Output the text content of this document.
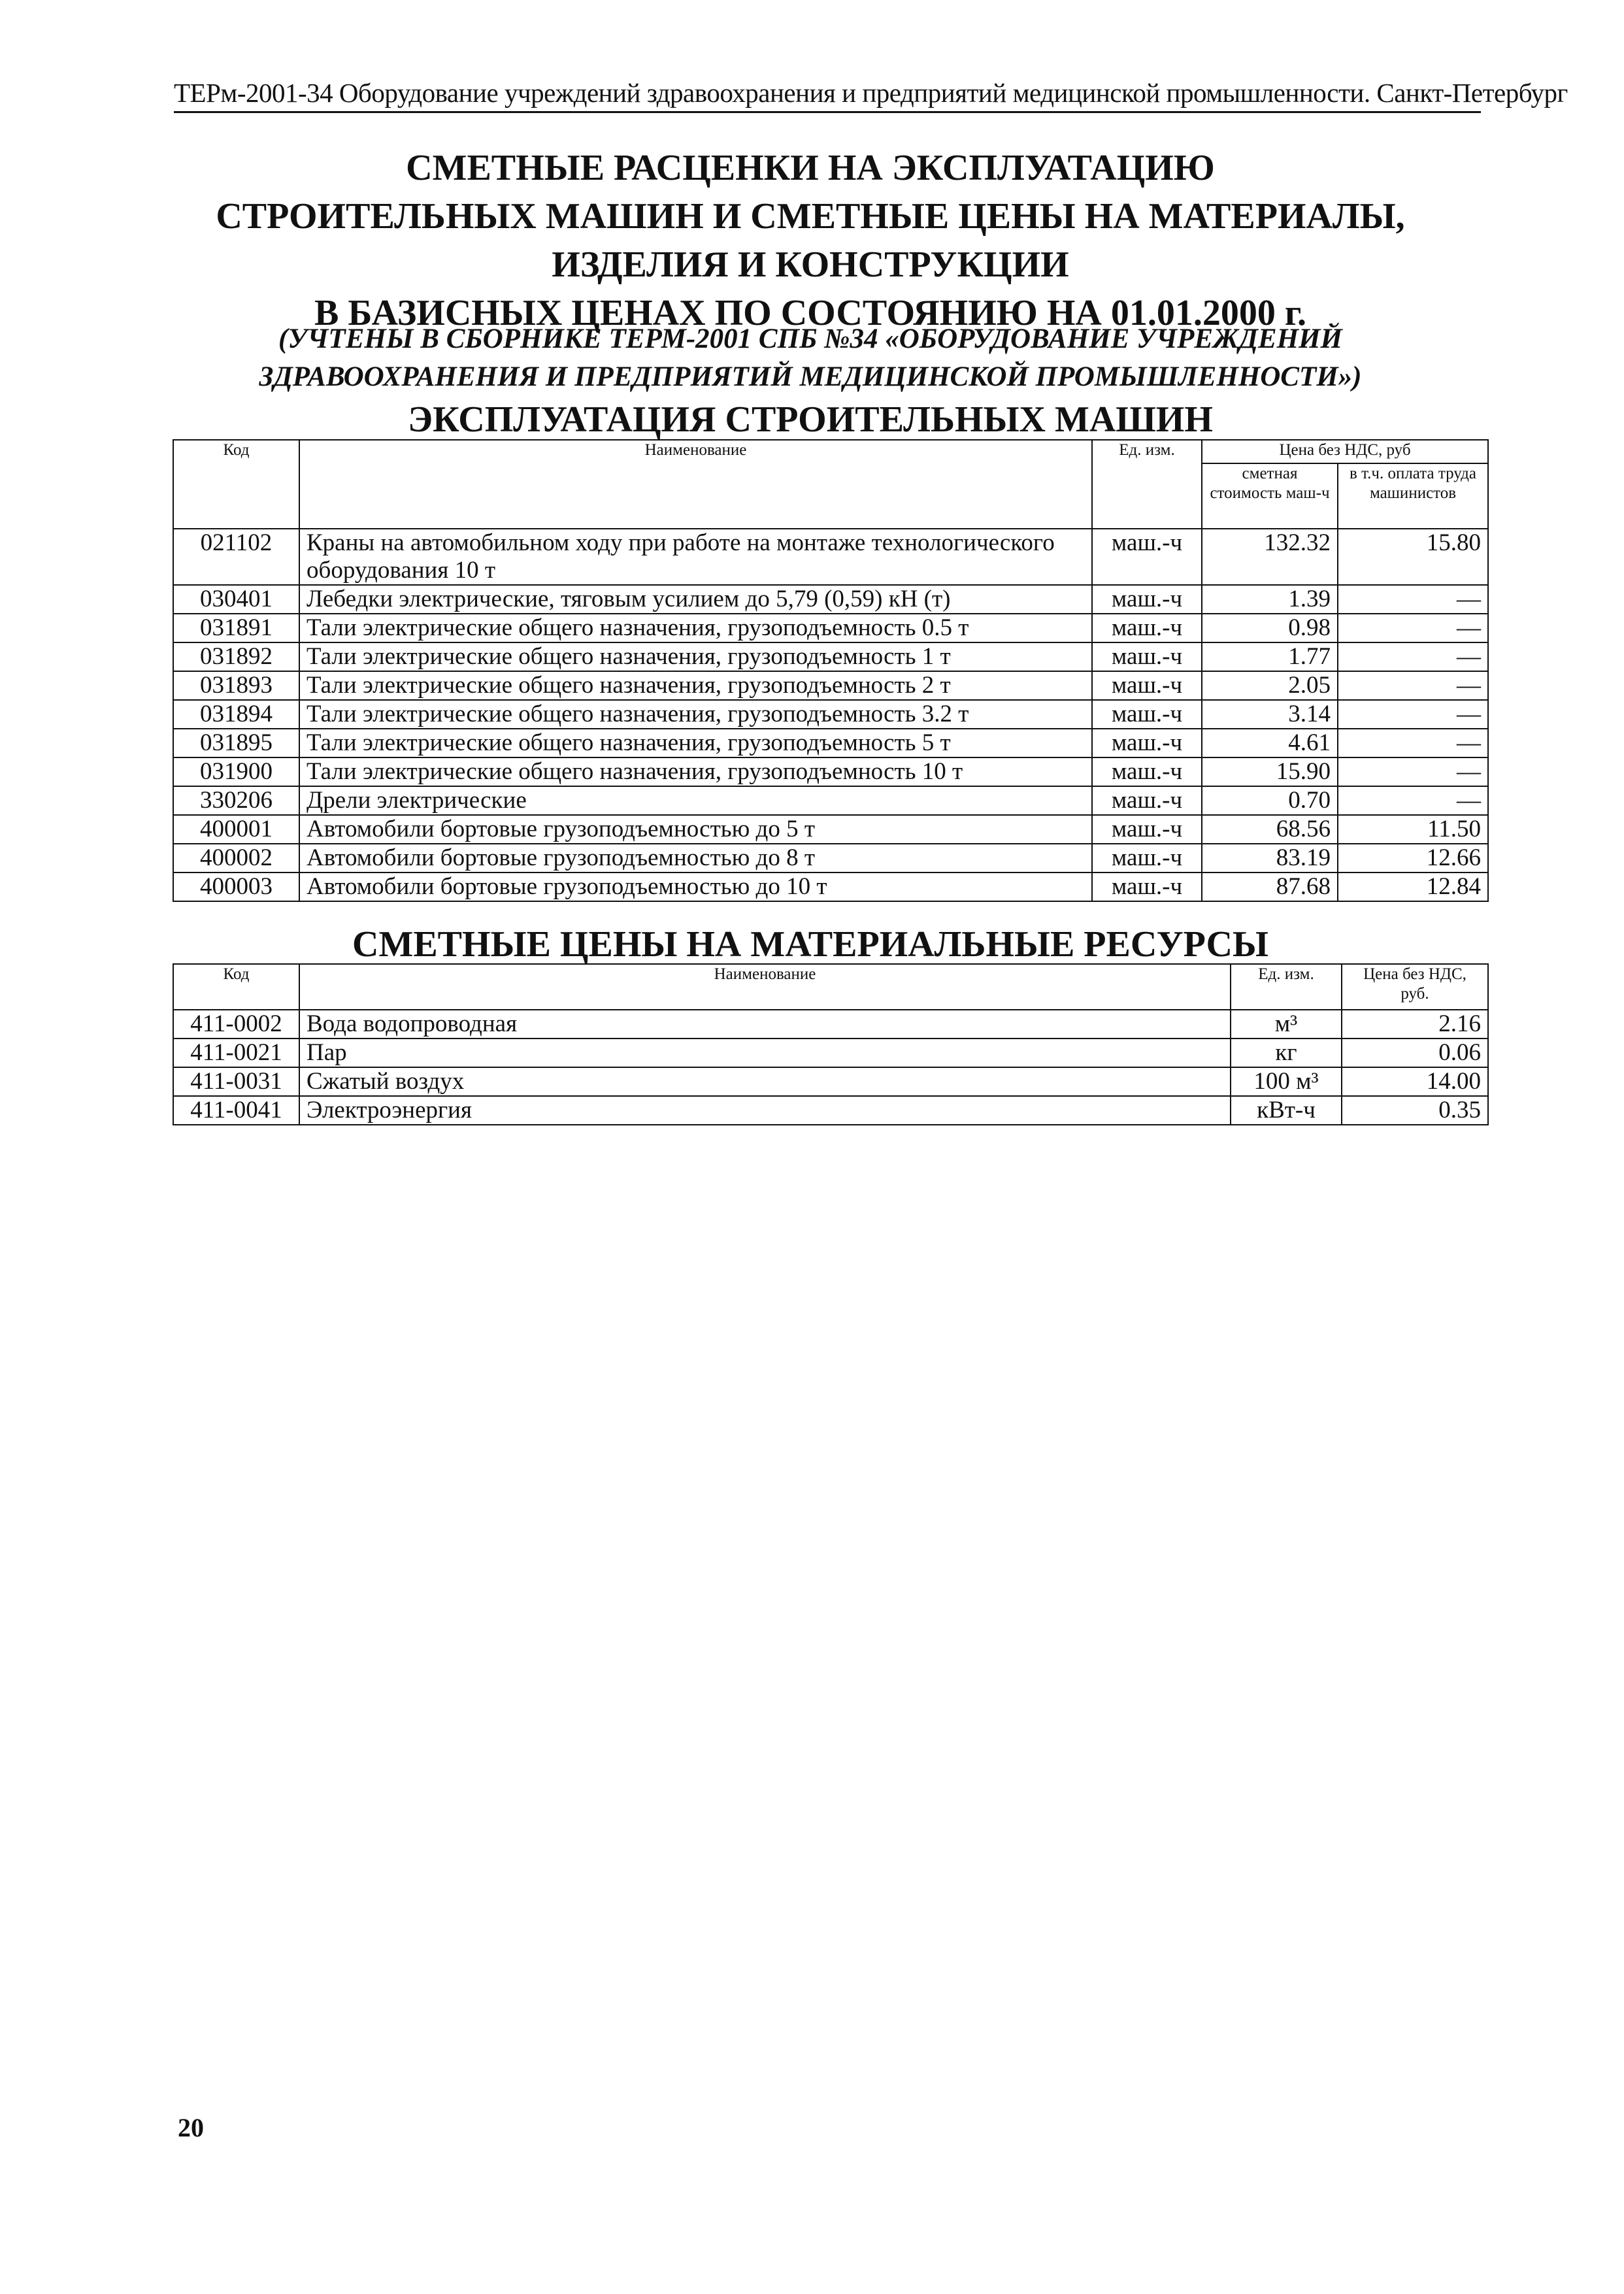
ТЕРм-2001-34 Оборудование учреждений здравоохранения и предприятий медицинской промышленности. Санкт-Петербург
СМЕТНЫЕ РАСЦЕНКИ НА ЭКСПЛУАТАЦИЮ
СТРОИТЕЛЬНЫХ МАШИН И СМЕТНЫЕ ЦЕНЫ НА МАТЕРИАЛЫ,
ИЗДЕЛИЯ И КОНСТРУКЦИИ
В БАЗИСНЫХ ЦЕНАХ ПО СОСТОЯНИЮ НА 01.01.2000 г.
(УЧТЕНЫ В СБОРНИКЕ ТЕРМ-2001 СПБ №34 «ОБОРУДОВАНИЕ УЧРЕЖДЕНИЙ
ЗДРАВООХРАНЕНИЯ И ПРЕДПРИЯТИЙ МЕДИЦИНСКОЙ ПРОМЫШЛЕННОСТИ»)
ЭКСПЛУАТАЦИЯ СТРОИТЕЛЬНЫХ МАШИН
Код	Наименование	Ед. изм.	Цена без НДС, руб	
			сметная стоимость маш-ч	в т.ч. оплата труда машинистов
021102	Краны на автомобильном ходу при работе на монтаже технологического оборудования 10 т	маш.-ч	132.32	15.80
030401	Лебедки электрические, тяговым усилием до 5,79 (0,59) кН (т)	маш.-ч	1.39	—
031891	Тали электрические общего назначения, грузоподъемность 0.5 т	маш.-ч	0.98	—
031892	Тали электрические общего назначения, грузоподъемность 1 т	маш.-ч	1.77	—
031893	Тали электрические общего назначения, грузоподъемность 2 т	маш.-ч	2.05	—
031894	Тали электрические общего назначения, грузоподъемность 3.2 т	маш.-ч	3.14	—
031895	Тали электрические общего назначения, грузоподъемность 5 т	маш.-ч	4.61	—
031900	Тали электрические общего назначения, грузоподъемность 10 т	маш.-ч	15.90	—
330206	Дрели электрические	маш.-ч	0.70	—
400001	Автомобили бортовые грузоподъемностью до 5 т	маш.-ч	68.56	11.50
400002	Автомобили бортовые грузоподъемностью до 8 т	маш.-ч	83.19	12.66
400003	Автомобили бортовые грузоподъемностью до 10 т	маш.-ч	87.68	12.84
СМЕТНЫЕ ЦЕНЫ НА МАТЕРИАЛЬНЫЕ РЕСУРСЫ
Код	Наименование	Ед. изм.	Цена без НДС, руб.
411-0002	Вода водопроводная	м³	2.16
411-0021	Пар	кг	0.06
411-0031	Сжатый воздух	100 м³	14.00
411-0041	Электроэнергия	кВт-ч	0.35
20
